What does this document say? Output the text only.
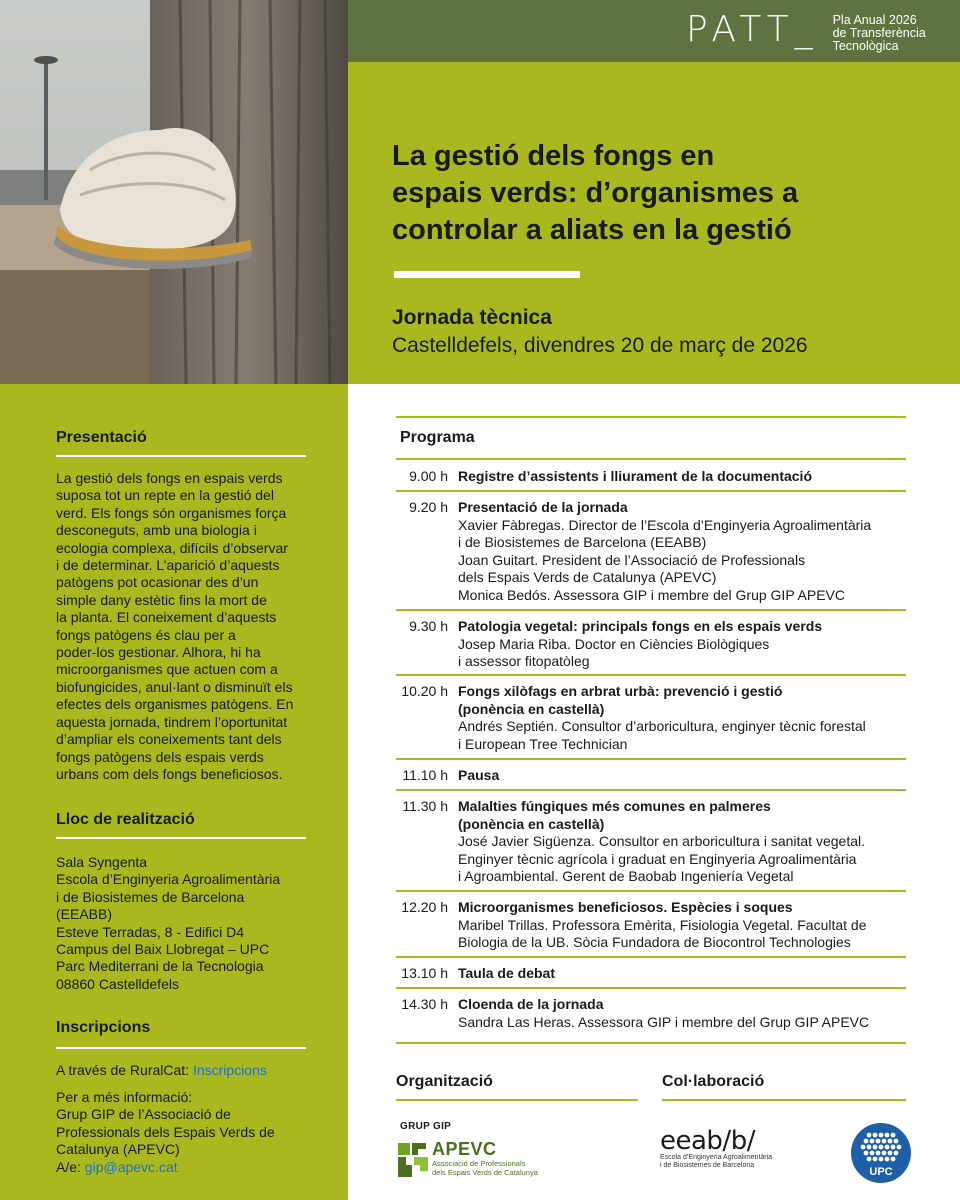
PATT_ Pla Anual 2026
de Transferència
Tecnològica
La gestió dels fongs en
espais verds: d’organismes a
controlar a aliats en la gestió
Jornada tècnica
Castelldefels, divendres 20 de març de 2026
Presentació
La gestió dels fongs en espais verds
suposa tot un repte en la gestió del
verd. Els fongs són organismes força
desconeguts, amb una biologia i
ecologia complexa, difícils d’observar
i de determinar. L’aparició d’aquests
patògens pot ocasionar des d’un
simple dany estètic fins la mort de
la planta. El coneixement d’aquests
fongs patògens és clau per a
poder-los gestionar. Alhora, hi ha
microorganismes que actuen com a
biofungicides, anul·lant o disminuït els
efectes dels organismes patògens. En
aquesta jornada, tindrem l’oportunitat
d’ampliar els coneixements tant dels
fongs patògens dels espais verds
urbans com dels fongs beneficiosos.
Lloc de realització
Sala Syngenta
Escola d’Enginyeria Agroalimentària
i de Biosistemes de Barcelona
(EEABB)
Esteve Terradas, 8 - Edifici D4
Campus del Baix Llobregat – UPC
Parc Mediterrani de la Tecnologia
08860 Castelldefels
Inscripcions
A través de RuralCat: Inscripcions
Per a més informació:
Grup GIP de l’Associació de
Professionals dels Espais Verds de
Catalunya (APEVC)
A/e: gip@apevc.cat
Programa
9.00 h Registre d’assistents i lliurament de la documentació
9.20 h Presentació de la jornada
Xavier Fàbregas. Director de l’Escola d’Enginyeria Agroalimentària
i de Biosistemes de Barcelona (EEABB)
Joan Guitart. President de l’Associació de Professionals
dels Espais Verds de Catalunya (APEVC)
Monica Bedós. Assessora GIP i membre del Grup GIP APEVC
9.30 h Patologia vegetal: principals fongs en els espais verds
Josep Maria Riba. Doctor en Ciències Biològiques
i assessor fitopatòleg
10.20 h Fongs xilòfags en arbrat urbà: prevenció i gestió
(ponència en castellà)
Andrés Septién. Consultor d’arboricultura, enginyer tècnic forestal
i European Tree Technician
11.10 h Pausa
11.30 h Malalties fúngiques més comunes en palmeres
(ponència en castellà)
José Javier Sigüenza. Consultor en arboricultura i sanitat vegetal.
Enginyer tècnic agrícola i graduat en Enginyeria Agroalimentària
i Agroambiental. Gerent de Baobab Ingeniería Vegetal
12.20 h Microorganismes beneficiosos. Espècies i soques
Maribel Trillas. Professora Emèrita, Fisiologia Vegetal. Facultat de
Biologia de la UB. Sòcia Fundadora de Biocontrol Technologies
13.10 h Taula de debat
14.30 h Cloenda de la jornada
Sandra Las Heras. Assessora GIP i membre del Grup GIP APEVC
Organització	Col·laboració
GRUP GIP
APEVC
Associació de Professionals
dels Espais Verds de Catalunya
eeab/b/
Escola d’Enginyeria Agroalimentària
i de Biosistemes de Barcelona
UPC
